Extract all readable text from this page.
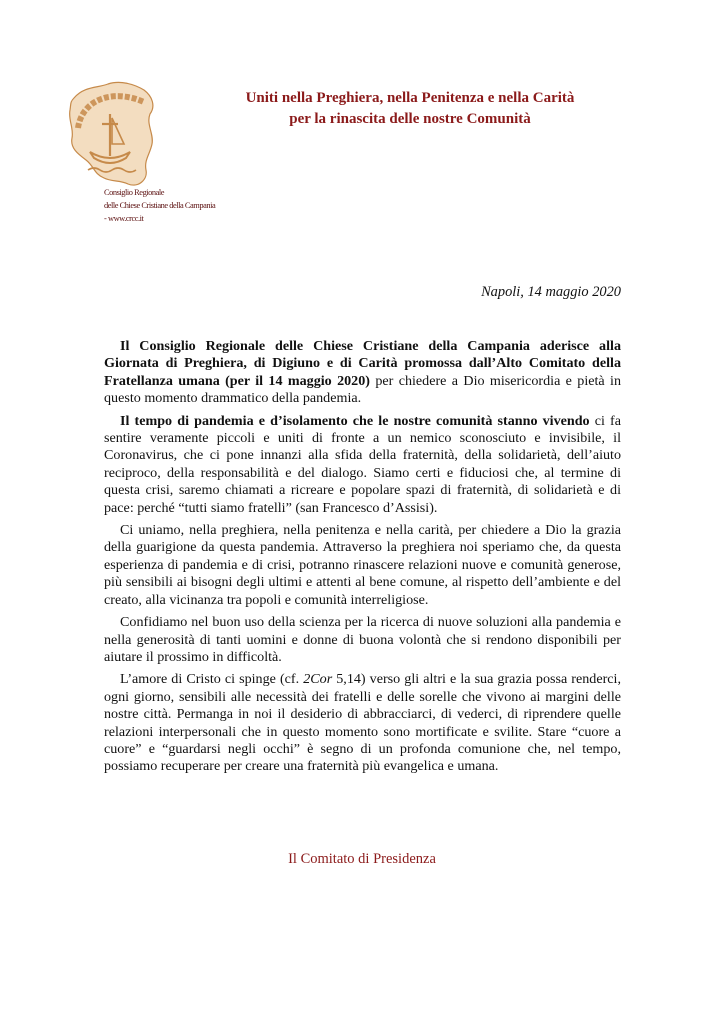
Uniti nella Preghiera, nella Penitenza e nella Carità
per la rinascita delle nostre Comunità
Consiglio Regionale
delle Chiese Cristiane della Campania
- www.crcc.it
Napoli, 14 maggio 2020

Il Consiglio Regionale delle Chiese Cristiane della Campania aderisce alla Giornata di Preghiera, di Digiuno e di Carità promossa dall’Alto Comitato della Fratellanza umana (per il 14 maggio 2020) per chiedere a Dio misericordia e pietà in questo momento drammatico della pandemia.

Il tempo di pandemia e d’isolamento che le nostre comunità stanno vivendo ci fa sentire veramente piccoli e uniti di fronte a un nemico sconosciuto e invisibile, il Coronavirus, che ci pone innanzi alla sfida della fraternità, della solidarietà, dell’aiuto reciproco, della responsabilità e del dialogo. Siamo certi e fiduciosi che, al termine di questa crisi, saremo chiamati a ricreare e popolare spazi di fraternità, di solidarietà e di pace: perché “tutti siamo fratelli” (san Francesco d’Assisi).

Ci uniamo, nella preghiera, nella penitenza e nella carità, per chiedere a Dio la grazia della guarigione da questa pandemia. Attraverso la preghiera noi speriamo che, da questa esperienza di pandemia e di crisi, potranno rinascere relazioni nuove e comunità generose, più sensibili ai bisogni degli ultimi e attenti al bene comune, al rispetto dell’ambiente e del creato, alla vicinanza tra popoli e comunità interreligiose.

Confidiamo nel buon uso della scienza per la ricerca di nuove soluzioni alla pandemia e nella generosità di tanti uomini e donne di buona volontà che si rendono disponibili per aiutare il prossimo in difficoltà.

L’amore di Cristo ci spinge (cf. 2Cor 5,14) verso gli altri e la sua grazia possa renderci, ogni giorno, sensibili alle necessità dei fratelli e delle sorelle che vivono ai margini delle nostre città. Permanga in noi il desiderio di abbracciarci, di vederci, di riprendere quelle relazioni interpersonali che in questo momento sono mortificate e svilite. Stare “cuore a cuore” e “guardarsi negli occhi” è segno di un profonda comunione che, nel tempo, possiamo recuperare per creare una fraternità più evangelica e umana.

Il Comitato di Presidenza
